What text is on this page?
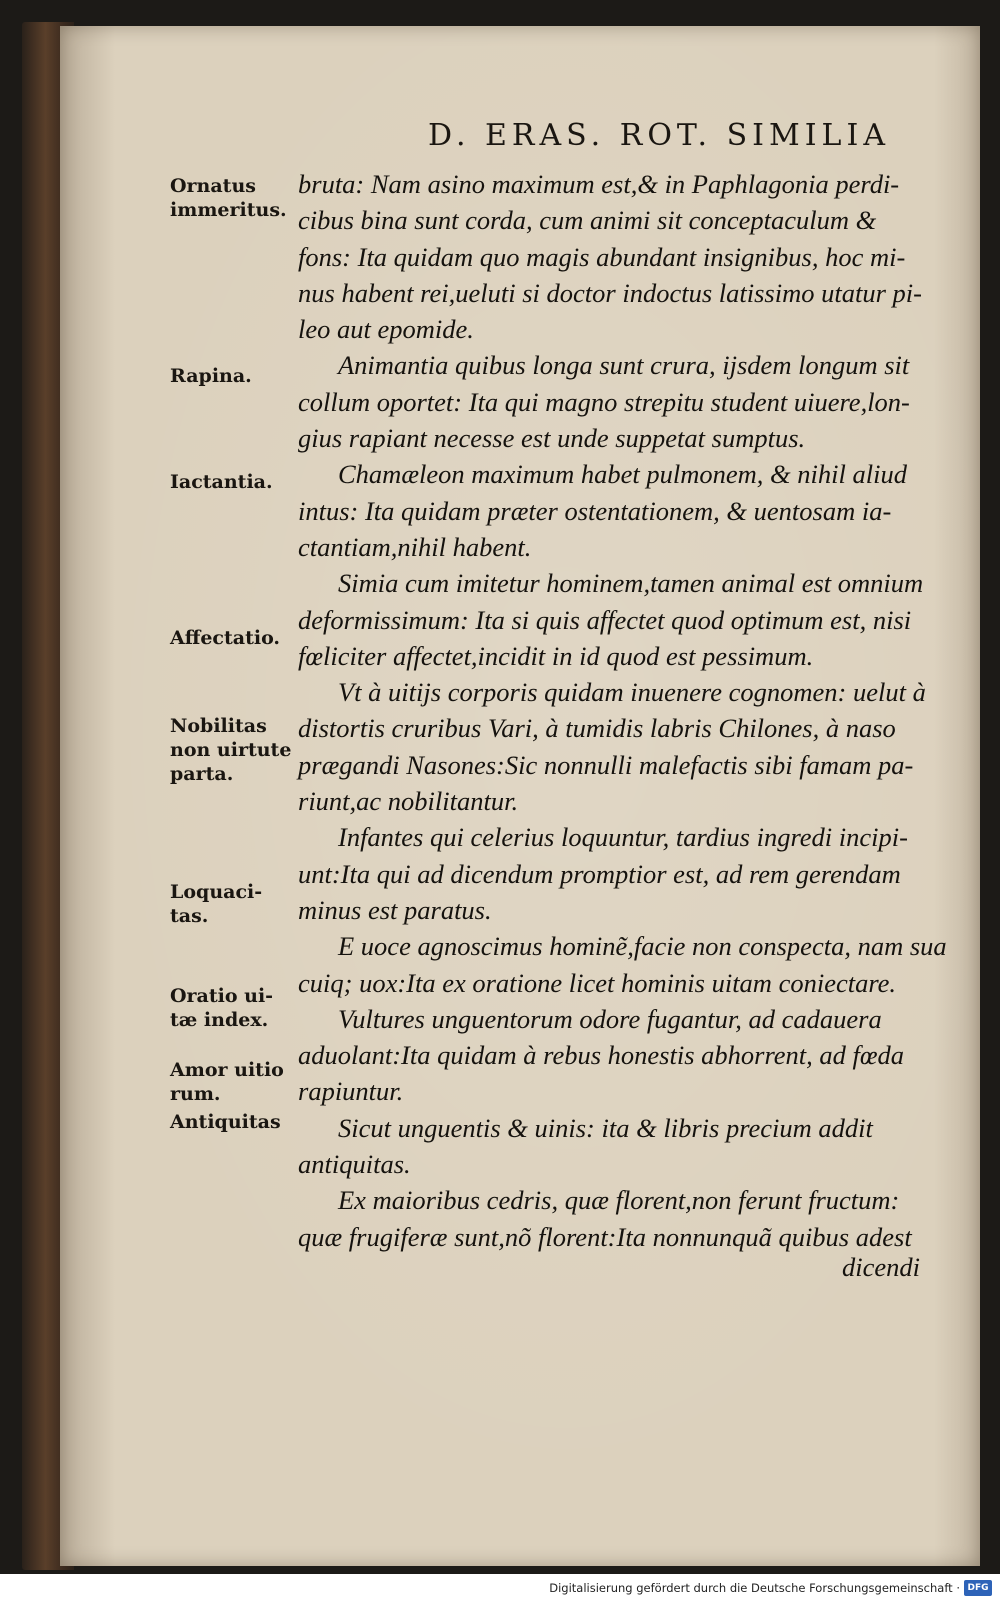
D. ERAS. ROT. SIMILIA
Ornatus
immeritus.
Rapina.
Iactantia.
Affectatio.
Nobilitas
non uirtute
parta.
Loquaci-
tas.
Oratio ui-
tæ index.
Amor uitio
rum.
Antiquitas
bruta: Nam asino maximum est,& in Paphlagonia perdi-
cibus bina sunt corda, cum animi sit conceptaculum &
fons: Ita quidam quo magis abundant insignibus, hoc mi-
nus habent rei,ueluti si doctor indoctus latissimo utatur pi-
leo aut epomide.
Animantia quibus longa sunt crura, ijsdem longum sit
collum oportet: Ita qui magno strepitu student uiuere,lon-
gius rapiant necesse est unde suppetat sumptus.
Chamæleon maximum habet pulmonem, & nihil aliud
intus: Ita quidam præter ostentationem, & uentosam ia-
ctantiam,nihil habent.
Simia cum imitetur hominem,tamen animal est omnium
deformissimum: Ita si quis affectet quod optimum est, nisi
fœliciter affectet,incidit in id quod est pessimum.
Vt à uitijs corporis quidam inuenere cognomen: uelut à
distortis cruribus Vari, à tumidis labris Chilones, à naso
prægandi Nasones:Sic nonnulli malefactis sibi famam pa-
riunt,ac nobilitantur.
Infantes qui celerius loquuntur, tardius ingredi incipi-
unt:Ita qui ad dicendum promptior est, ad rem gerendam
minus est paratus.
E uoce agnoscimus hominẽ,facie non conspecta, nam sua
cuiq; uox:Ita ex oratione licet hominis uitam coniectare.
Vultures unguentorum odore fugantur, ad cadauera
aduolant:Ita quidam à rebus honestis abhorrent, ad fœda
rapiuntur.
Sicut unguentis & uinis: ita & libris precium addit
antiquitas.
Ex maioribus cedris, quæ florent,non ferunt fructum:
quæ frugiferæ sunt,nõ florent:Ita nonnunquã quibus adest
dicendi
Digitalisierung gefördert durch die Deutsche Forschungsgemeinschaft · DFG
